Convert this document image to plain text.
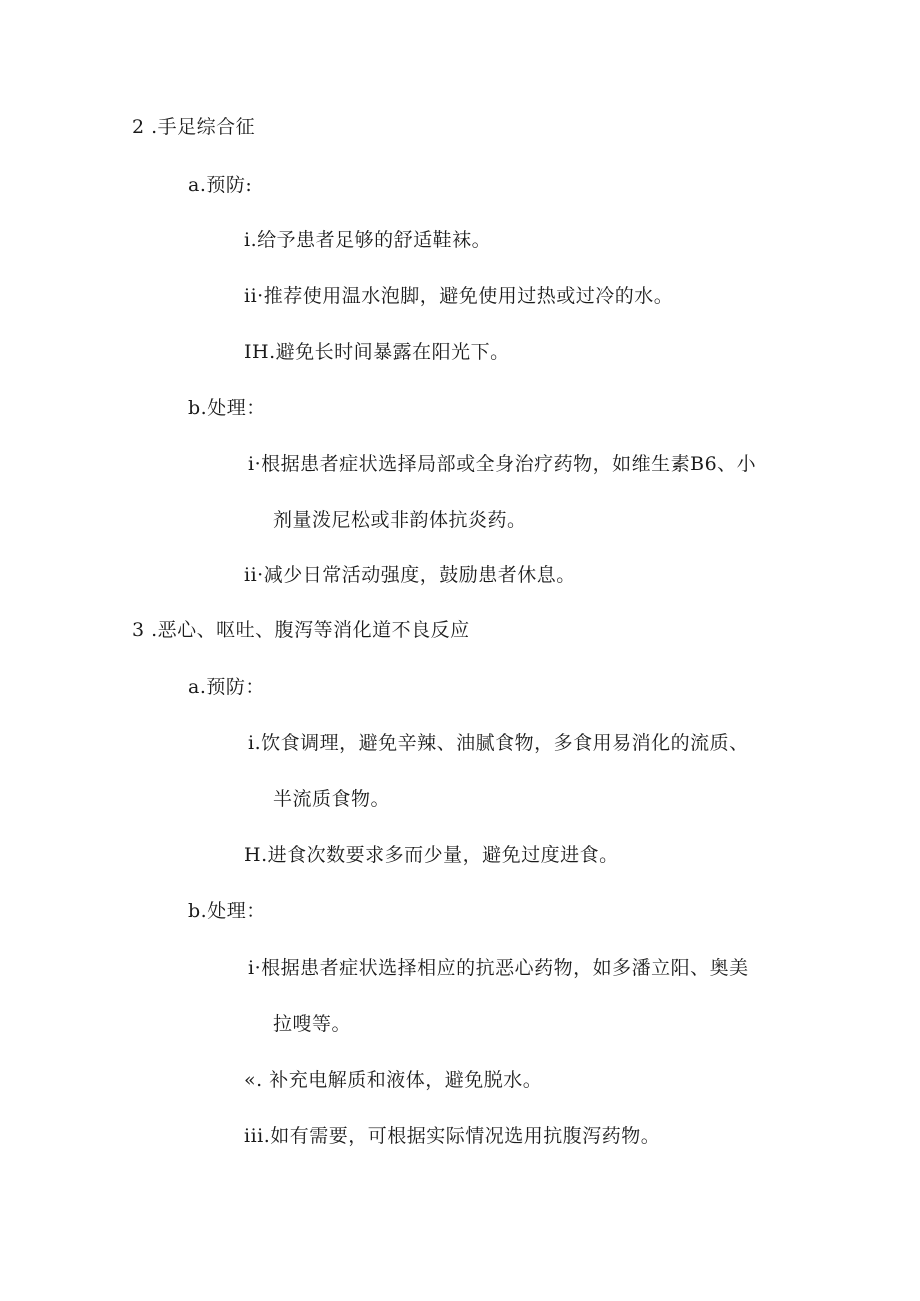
2 .手足综合征
a.预防:
i.给予患者足够的舒适鞋袜。
ii·推荐使用温水泡脚，避免使用过热或过冷的水。
IH.避免长时间暴露在阳光下。
b.处理：
i·根据患者症状选择局部或全身治疗药物，如维生素B6、小
剂量泼尼松或非韵体抗炎药。
ii·减少日常活动强度，鼓励患者休息。
3 .恶心、呕吐、腹泻等消化道不良反应
a.预防：
i.饮食调理，避免辛辣、油腻食物，多食用易消化的流质、
半流质食物。
H.进食次数要求多而少量，避免过度进食。
b.处理：
i·根据患者症状选择相应的抗恶心药物，如多潘立阳、奥美
拉嗖等。
«. 补充电解质和液体，避免脱水。
iii.如有需要，可根据实际情况选用抗腹泻药物。
